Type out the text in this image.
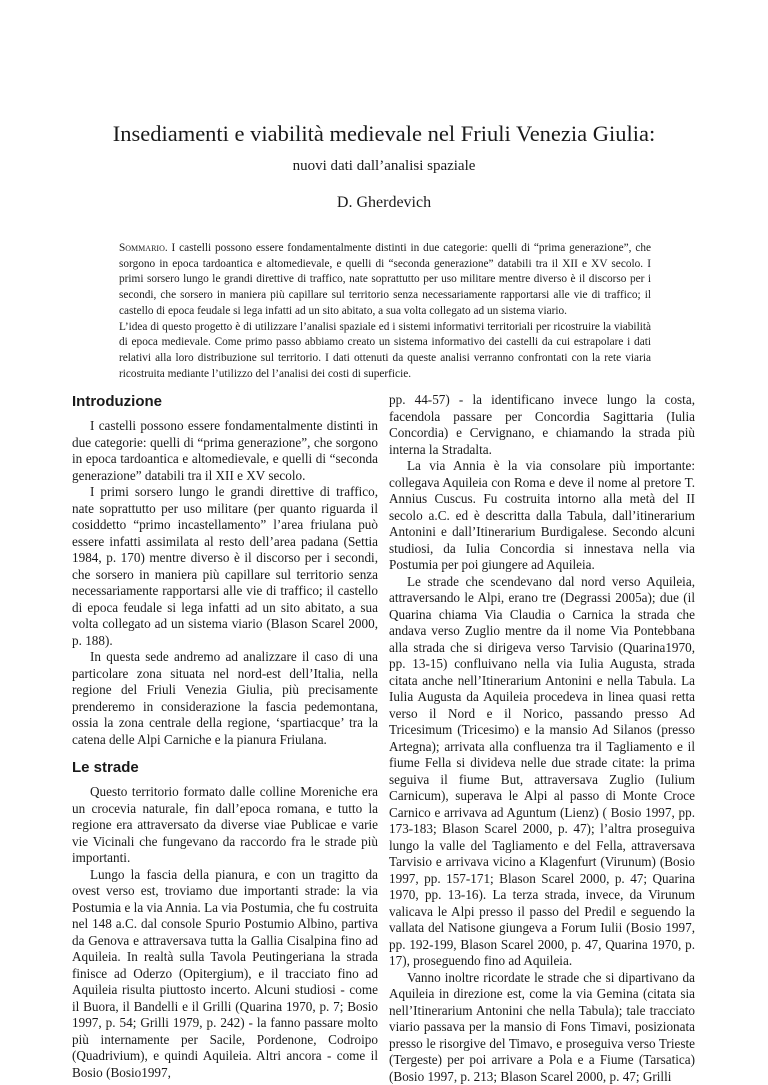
Insediamenti e viabilità medievale nel Friuli Venezia Giulia:
nuovi dati dall’analisi spaziale
D. Gherdevich

Sommario. I castelli possono essere fondamentalmente distinti in due categorie: quelli di “prima generazione”, che sorgono in epoca tardoantica e altomedievale, e quelli di “seconda generazione” databili tra il XII e XV secolo. I primi sorsero lungo le grandi direttive di traffico, nate soprattutto per uso militare mentre diverso è il discorso per i secondi, che sorsero in maniera più capillare sul territorio senza necessariamente rapportarsi alle vie di traffico; il castello di epoca feudale si lega infatti ad un sito abitato, a sua volta collegato ad un sistema viario.

L’idea di questo progetto è di utilizzare l’analisi spaziale ed i sistemi informativi territoriali per ricostruire la viabilità di epoca medievale. Come primo passo abbiamo creato un sistema informativo dei castelli da cui estrapolare i dati relativi alla loro distribuzione sul territorio. I dati ottenuti da queste analisi verranno confrontati con la rete viaria ricostruita mediante l’utilizzo del l’analisi dei costi di superficie.

Introduzione

I castelli possono essere fondamentalmente distinti in due categorie: quelli di “prima generazione”, che sorgono in epoca tardoantica e altomedievale, e quelli di “seconda generazione” databili tra il XII e XV secolo.

I primi sorsero lungo le grandi direttive di traffico, nate soprattutto per uso militare (per quanto riguarda il cosiddetto “primo incastellamento” l’area friulana può essere infatti assimilata al resto dell’area padana (Settia 1984, p. 170) mentre diverso è il discorso per i secondi, che sorsero in maniera più capillare sul territorio senza necessariamente rapportarsi alle vie di traffico; il castello di epoca feudale si lega infatti ad un sito abitato, a sua volta collegato ad un sistema viario (Blason Scarel 2000, p. 188).

In questa sede andremo ad analizzare il caso di una particolare zona situata nel nord-est dell’Italia, nella regione del Friuli Venezia Giulia, più precisamente prenderemo in considerazione la fascia pedemontana, ossia la zona centrale della regione, ‘spartiacque’ tra la catena delle Alpi Carniche e la pianura Friulana.

Le strade

Questo territorio formato dalle colline Moreniche era un crocevia naturale, fin dall’epoca romana, e tutto la regione era attraversato da diverse viae Publicae e varie vie Vicinali che fungevano da raccordo fra le strade più importanti.

Lungo la fascia della pianura, e con un tragitto da ovest verso est, troviamo due importanti strade: la via Postumia e la via Annia. La via Postumia, che fu costruita nel 148 a.C. dal console Spurio Postumio Albino, partiva da Genova e attraversava tutta la Gallia Cisalpina fino ad Aquileia. In realtà sulla Tavola Peutingeriana la strada finisce ad Oderzo (Opitergium), e il tracciato fino ad Aquileia risulta piuttosto incerto. Alcuni studiosi - come il Buora, il Bandelli e il Grilli (Quarina 1970, p. 7; Bosio 1997, p. 54; Grilli 1979, p. 242) - la fanno passare molto più internamente per Sacile, Pordenone, Codroipo (Quadrivium), e quindi Aquileia. Altri ancora - come il Bosio (Bosio1997,

pp. 44-57) - la identificano invece lungo la costa, facendola passare per Concordia Sagittaria (Iulia Concordia) e Cervignano, e chiamando la strada più interna la Stradalta.

La via Annia è la via consolare più importante: collegava Aquileia con Roma e deve il nome al pretore T. Annius Cuscus. Fu costruita intorno alla metà del II secolo a.C. ed è descritta dalla Tabula, dall’itinerarium Antonini e dall’Itinerarium Burdigalese. Secondo alcuni studiosi, da Iulia Concordia si innestava nella via Postumia per poi giungere ad Aquileia.

Le strade che scendevano dal nord verso Aquileia, attraversando le Alpi, erano tre (Degrassi 2005a); due (il Quarina chiama Via Claudia o Carnica la strada che andava verso Zuglio mentre da il nome Via Pontebbana alla strada che si dirigeva verso Tarvisio (Quarina1970, pp. 13-15) confluivano nella via Iulia Augusta, strada citata anche nell’Itinerarium Antonini e nella Tabula. La Iulia Augusta da Aquileia procedeva in linea quasi retta verso il Nord e il Norico, passando presso Ad Tricesimum (Tricesimo) e la mansio Ad Silanos (presso Artegna); arrivata alla confluenza tra il Tagliamento e il fiume Fella si divideva nelle due strade citate: la prima seguiva il fiume But, attraversava Zuglio (Iulium Carnicum), superava le Alpi al passo di Monte Croce Carnico e arrivava ad Aguntum (Lienz) ( Bosio 1997, pp. 173-183; Blason Scarel 2000, p. 47); l’altra proseguiva lungo la valle del Tagliamento e del Fella, attraversava Tarvisio e arrivava vicino a Klagenfurt (Virunum) (Bosio 1997, pp. 157-171; Blason Scarel 2000, p. 47; Quarina 1970, pp. 13-16). La terza strada, invece, da Virunum valicava le Alpi presso il passo del Predil e seguendo la vallata del Natisone giungeva a Forum Iulii (Bosio 1997, pp. 192-199, Blason Scarel 2000, p. 47, Quarina 1970, p. 17), proseguendo fino ad Aquileia.

Vanno inoltre ricordate le strade che si dipartivano da Aquileia in direzione est, come la via Gemina (citata sia nell’Itinerarium Antonini che nella Tabula); tale tracciato viario passava per la mansio di Fons Timavi, posizionata presso le risorgive del Timavo, e proseguiva verso Trieste (Tergeste) per poi arrivare a Pola e a Fiume (Tarsatica) (Bosio 1997, p. 213; Blason Scarel 2000, p. 47; Grilli
